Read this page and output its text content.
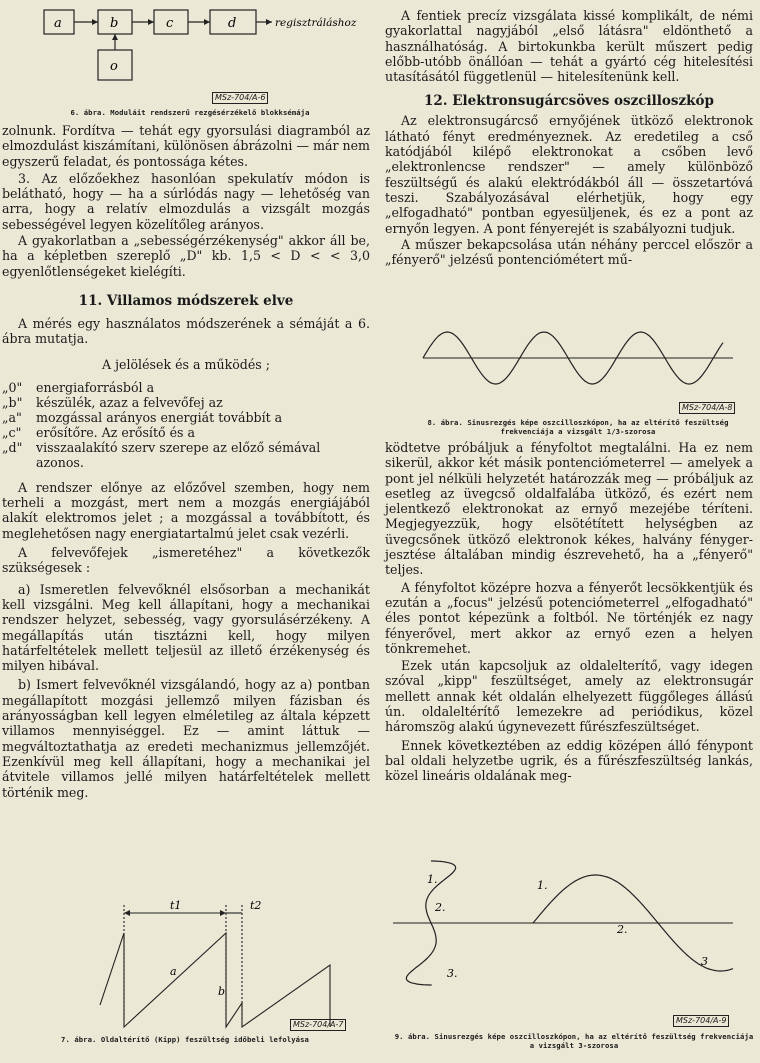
a	b	c	d
o
regisztráláshoz
MSz-704/A-6
6. ábra. Moduláit rendszerű rezgésérzékelő blokksémája

zolnunk. Fordítva — tehát egy gyorsulási diagramból az elmozdulást kiszámítani, különösen ábrázolni — már nem egyszerű feladat, és pontossága kétes.

3. Az előzőekhez hasonlóan spekulatív módon is belátható, hogy — ha a súrlódás nagy — lehetőség van arra, hogy a relatív elmozdulás a vizsgált mozgás sebességével legyen közelítőleg arányos.

A gyakorlatban a „sebességérzékenység" akkor áll be, ha a képletben szereplő „D" kb. 1,5 < D < < 3,0 egyenlőtlenségeket kielégíti.

11. Villamos módszerek elve

A mérés egy használatos módszerének a sémáját a 6. ábra mutatja.

A jelölések és a működés ;

„0" energiaforrásból a

„b" készülék, azaz a felvevőfej az

„a" mozgással arányos energiát továbbít a

„c" erősítőre. Az erősítő és a

„d" visszaalakító szerv szerepe az előző sémával

azonos.

A rendszer előnye az előzővel szemben, hogy nem terheli a mozgást, mert nem a mozgás energiájából alakít elektromos jelet ; a mozgással a továbbított, és meglehetősen nagy energiatartalmú jelet csak vezérli.

A felvevőfejek „ismeretéhez" a következők szükségesek :

a) Ismeretlen felvevőknél elsősorban a mechanikát kell vizsgálni. Meg kell állapítani, hogy a mechanikai rendszer helyzet, sebesség, vagy gyorsulásérzékeny. A megállapítás után tisztázni kell, hogy milyen határfeltételek mellett teljesül az illető érzékenység és milyen hibával.

b) Ismert felvevőknél vizsgálandó, hogy az a) pontban megállapított mozgási jellemző milyen fázisban és arányosságban kell legyen elméletileg az általa képzett villamos mennyiséggel. Ez — amint láttuk — megváltoztathatja az eredeti mechanizmus jellemzőjét. Ezenkívül meg kell állapítani, hogy a mechanikai jel átvitele villamos jellé milyen határfeltételek mellett történik meg.

t1	t2
a
b
MSz-704/A-7
7. ábra. Oldaltérítő (Kipp) feszültség időbeli lefolyása

A fentiek precíz vizsgálata kissé komplikált, de némi gyakorlattal nagyjából „első látásra" eldönthető a használhatóság. A birtokunkba került műszert pedig előbb-utóbb önállóan — tehát a gyártó cég hitelesítési utasításától függetlenül — hitelesítenünk kell.

12. Elektronsugárcsöves oszcilloszkóp

Az elektronsugárcső ernyőjének ütköző elektronok látható fényt eredményeznek. Az eredetileg a cső katódjából kilépő elektronokat a csőben levő „elektronlencse rendszer" — amely különböző feszültségű és alakú elektródákból áll — összetartóvá teszi. Szabályozásával elérhetjük, hogy egy „elfogadható" pontban egyesüljenek, és ez a pont az ernyőn legyen. A pont fényerejét is szabályozni tudjuk.

A műszer bekapcsolása után néhány perccel először a „fényerő" jelzésű pontenciómétert mű-

MSz-704/A-8
8. ábra. Sinusrezgés képe oszcilloszkópon, ha az eltérítő feszültség frekvenciája a vizsgált 1/3-szorosa

ködtetve próbáljuk a fényfoltot megtalálni. Ha ez nem sikerül, akkor két másik pontenciómeterrel — amelyek a pont jel nélküli helyzetét határozzák meg — próbáljuk az esetleg az üvegcső oldalfalába ütköző, és ezért nem jelentkező elektronokat az ernyő mezejébe téríteni. Megjegyezzük, hogy elsötétített helységben az üvegcsőnek ütköző elektronok kékes, halvány fénygerjesztése általában mindig észrevehető, ha a „fényerő" teljes.

A fényfoltot középre hozva a fényerőt lecsökkentjük és ezután a „focus" jelzésű potenciómeterrel „elfogadható" éles pontot képezünk a foltból. Ne történjék ez nagy fényerővel, mert akkor az ernyő ezen a helyen tönkremehet.

Ezek után kapcsoljuk az oldalelterítő, vagy idegen szóval „kipp" feszültséget, amely az elektronsugár mellett annak két oldalán elhelyezett függőleges állású ún. oldaleltérítő lemezekre ad periódikus, közel háromszög alakú úgynevezett fűrészfeszültséget.

Ennek következtében az eddig középen álló fénypont bal oldali helyzetbe ugrik, és a fűrészfeszültség lankás, közel lineáris oldalának meg-

1.
2.
3.
1.
2.
3
MSz-704/A-9
9. ábra. Sinusrezgés képe oszcilloszkópon, ha az eltérítő feszültség frekvenciája a vizsgált 3-szorosa
